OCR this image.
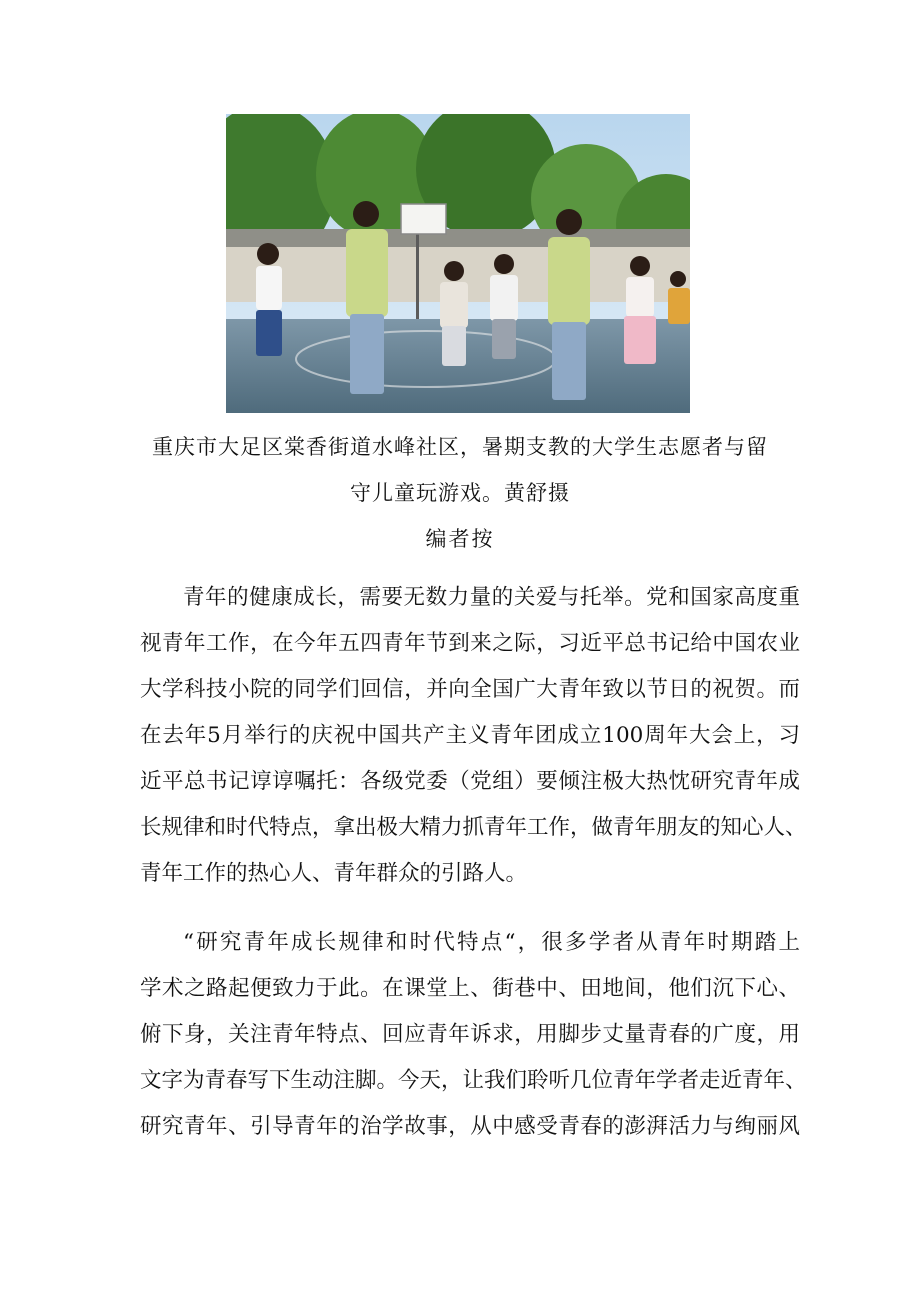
重庆市大足区棠香街道水峰社区，暑期支教的大学生志愿者与留
守儿童玩游戏。黄舒摄
编者按
青年的健康成长，需要无数力量的关爱与托举。党和国家高度重
视青年工作，在今年五四青年节到来之际，习近平总书记给中国农业
大学科技小院的同学们回信，并向全国广大青年致以节日的祝贺。而
在去年5月举行的庆祝中国共产主义青年团成立100周年大会上，习
近平总书记谆谆嘱托：各级党委（党组）要倾注极大热忱研究青年成
长规律和时代特点，拿出极大精力抓青年工作，做青年朋友的知心人、
青年工作的热心人、青年群众的引路人。
“研究青年成长规律和时代特点“，很多学者从青年时期踏上
学术之路起便致力于此。在课堂上、街巷中、田地间，他们沉下心、
俯下身，关注青年特点、回应青年诉求，用脚步丈量青春的广度，用
文字为青春写下生动注脚。今天，让我们聆听几位青年学者走近青年、
研究青年、引导青年的治学故事，从中感受青春的澎湃活力与绚丽风
